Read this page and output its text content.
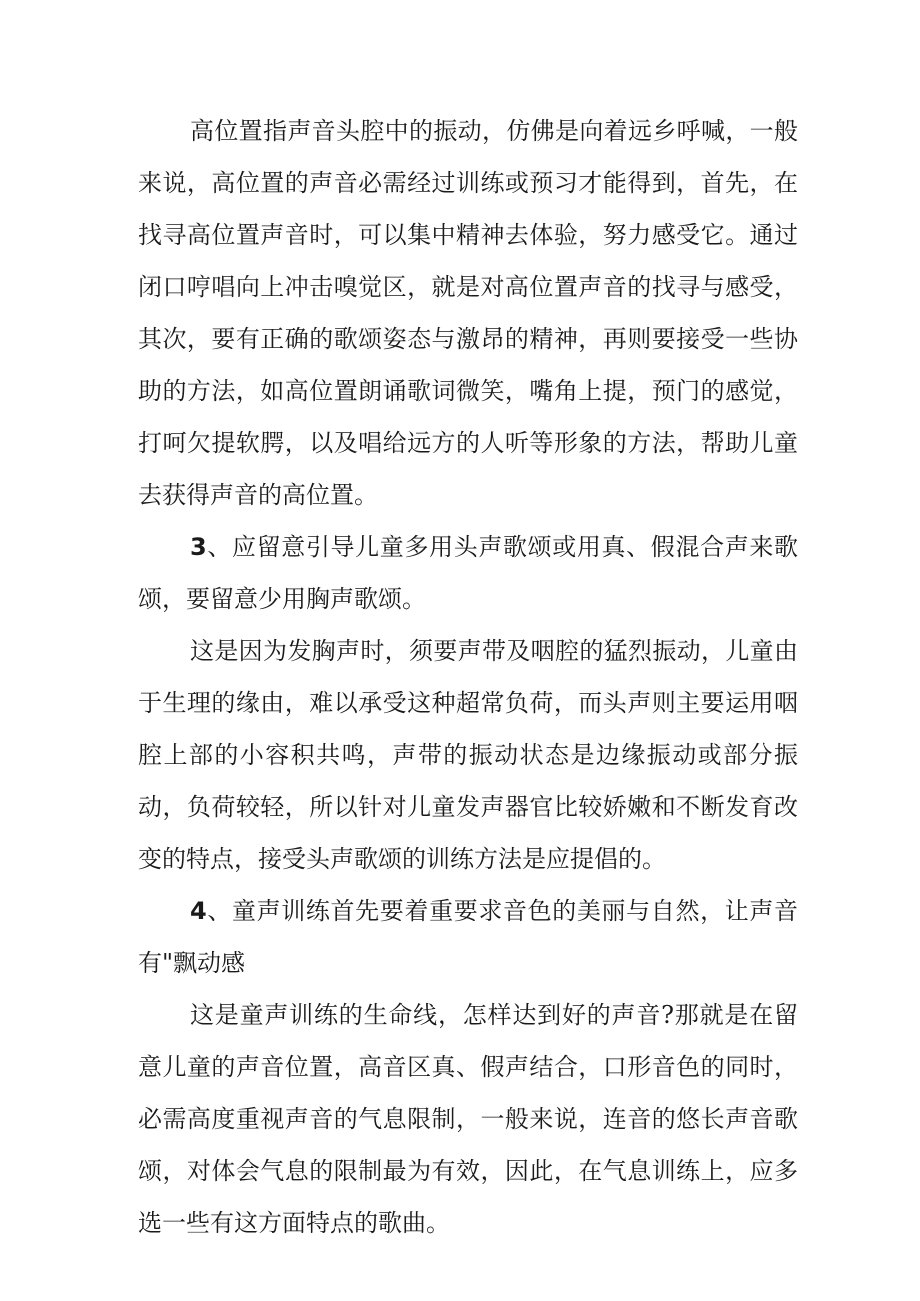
高位置指声音头腔中的振动，仿佛是向着远乡呼喊，一般来说，高位置的声音必需经过训练或预习才能得到，首先，在找寻高位置声音时，可以集中精神去体验，努力感受它。通过闭口哼唱向上冲击嗅觉区，就是对高位置声音的找寻与感受，其次，要有正确的歌颂姿态与激昂的精神，再则要接受一些协助的方法，如高位置朗诵歌词微笑，嘴角上提，预门的感觉，打呵欠提软腭，以及唱给远方的人听等形象的方法，帮助儿童去获得声音的高位置。

3、应留意引导儿童多用头声歌颂或用真、假混合声来歌颂，要留意少用胸声歌颂。

这是因为发胸声时，须要声带及咽腔的猛烈振动，儿童由于生理的缘由，难以承受这种超常负荷，而头声则主要运用咽腔上部的小容积共鸣，声带的振动状态是边缘振动或部分振动，负荷较轻，所以针对儿童发声器官比较娇嫩和不断发育改变的特点，接受头声歌颂的训练方法是应提倡的。

4、童声训练首先要着重要求音色的美丽与自然，让声音有"飘动感

这是童声训练的生命线，怎样达到好的声音?那就是在留意儿童的声音位置，高音区真、假声结合，口形音色的同时，必需高度重视声音的气息限制，一般来说，连音的悠长声音歌颂，对体会气息的限制最为有效，因此，在气息训练上，应多选一些有这方面特点的歌曲。
